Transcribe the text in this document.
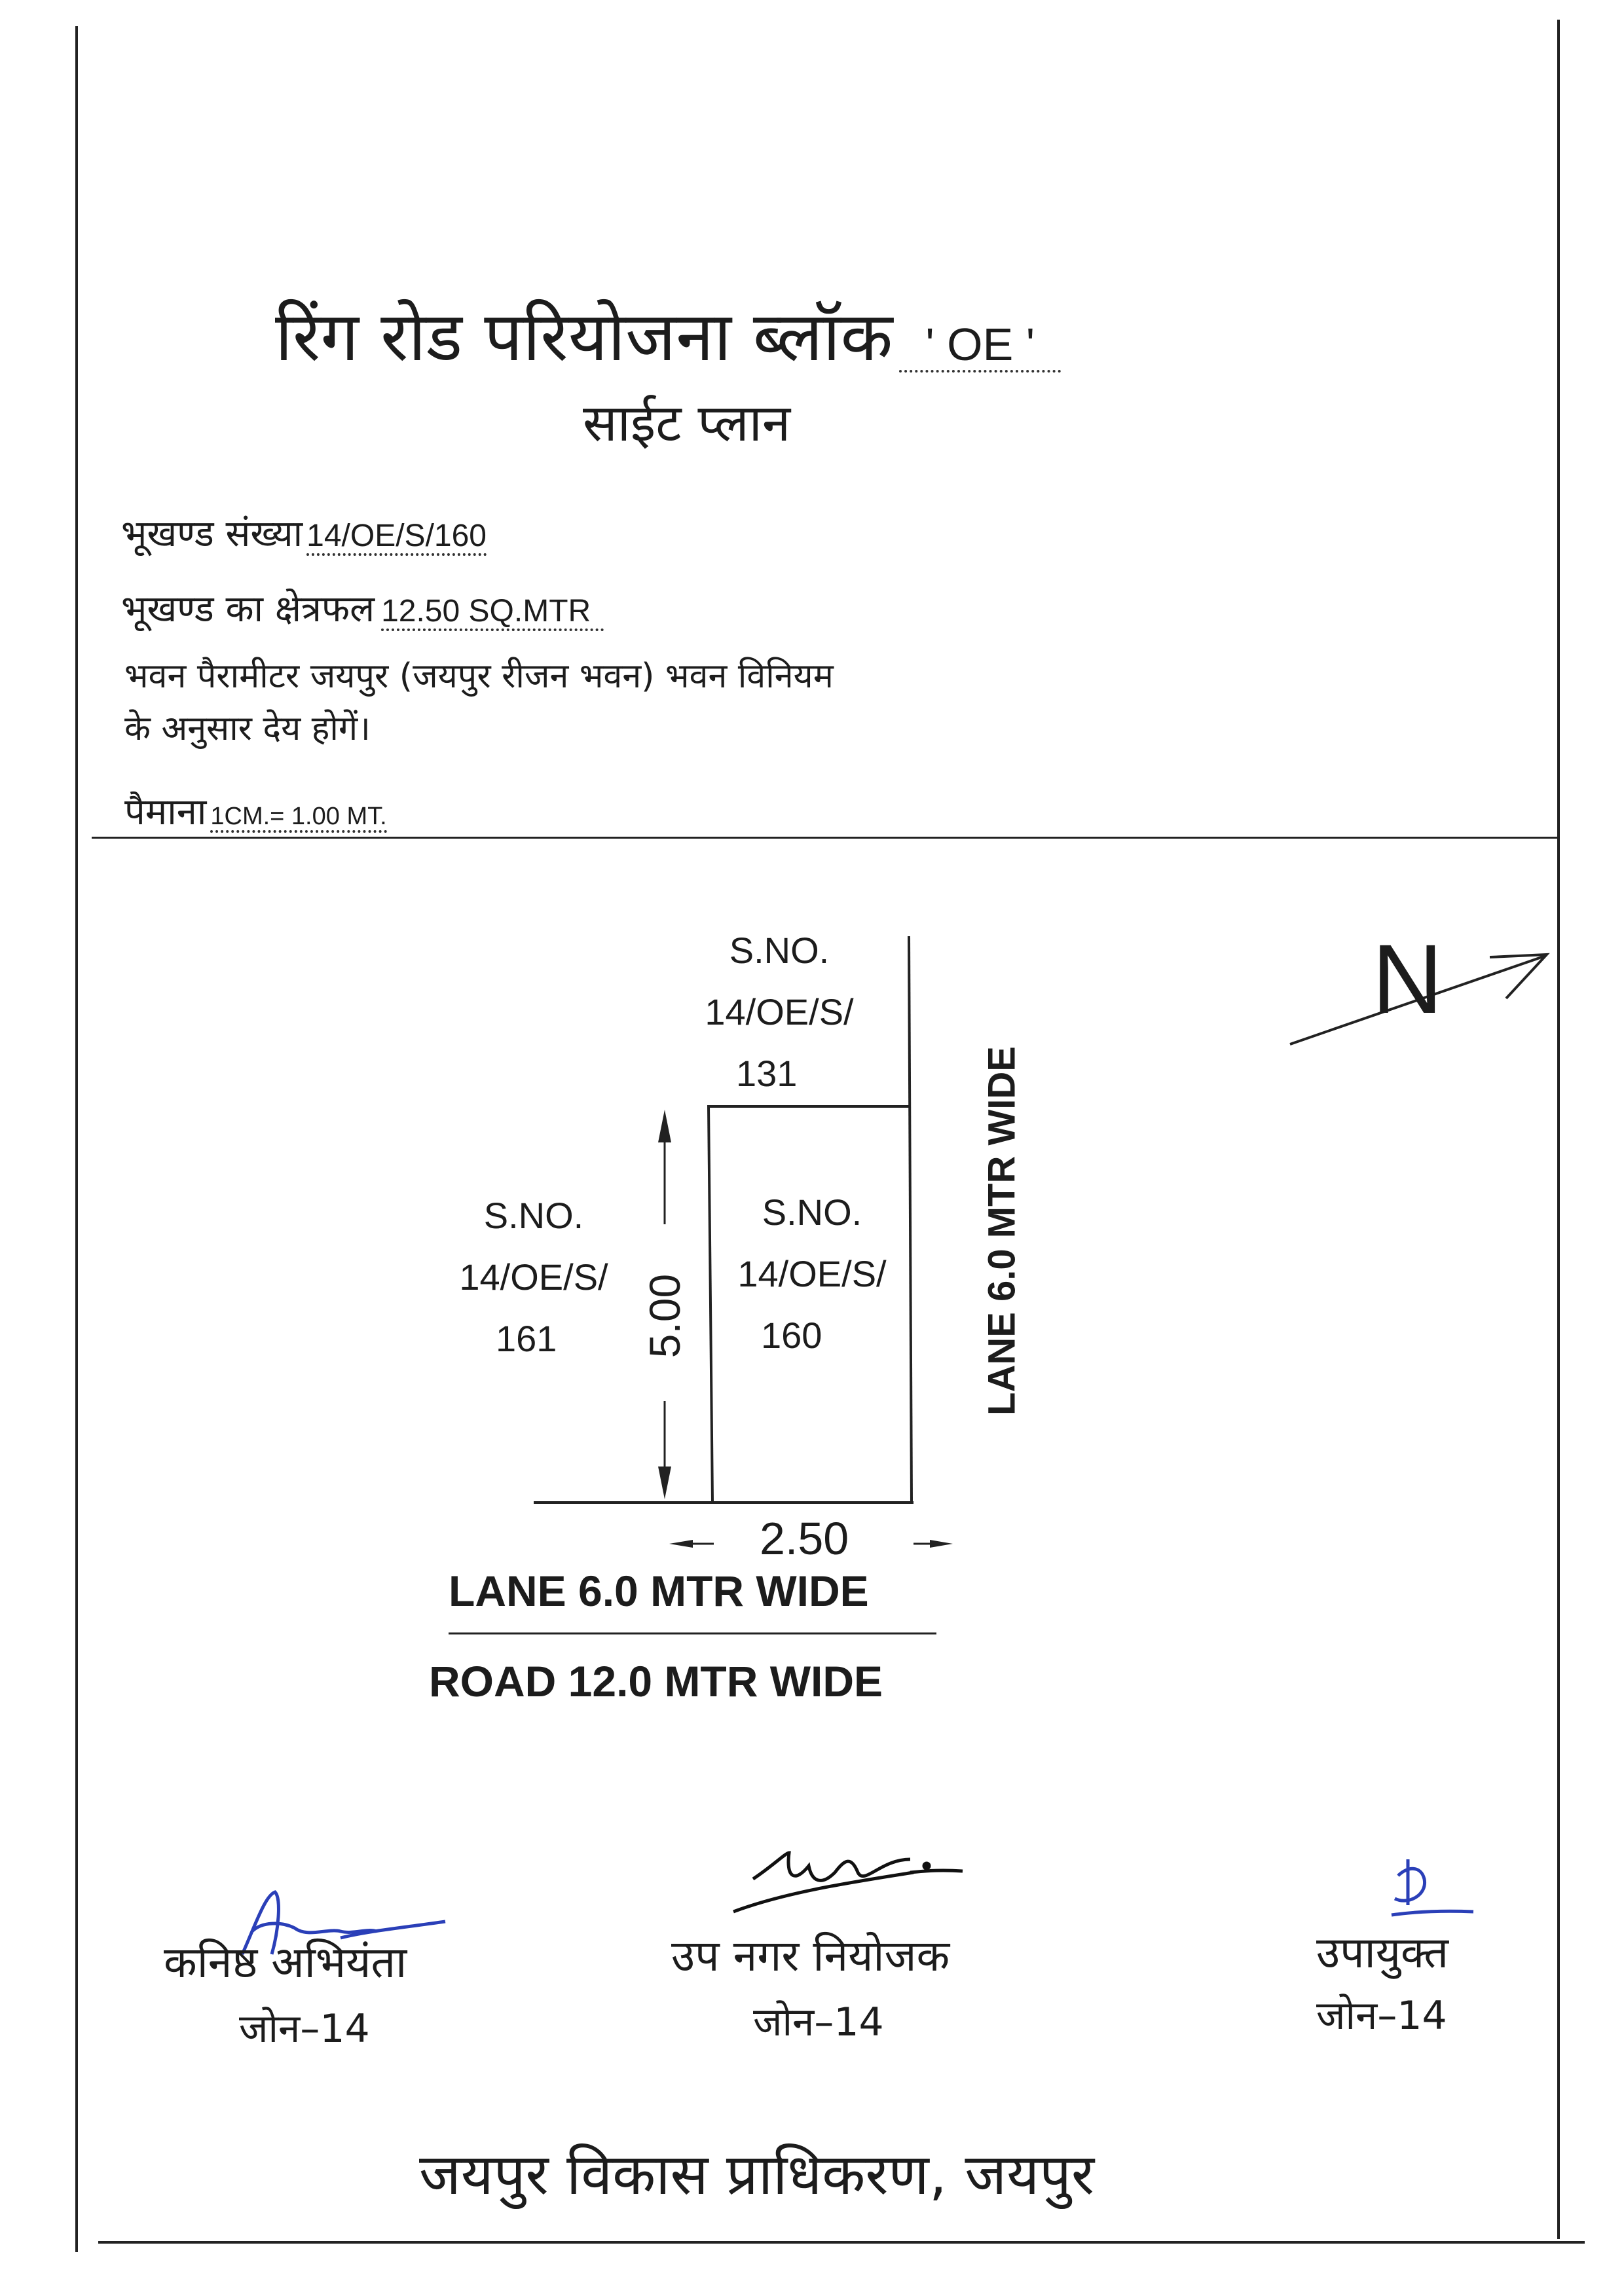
रिंग रोड परियोजना ब्लॉक ' OE '
साईट प्लान
भूखण्ड संख्या 14/OE/S/160
भूखण्ड का क्षेत्रफल 12.50 SQ.MTR
भवन पैरामीटर जयपुर (जयपुर रीजन भवन) भवन विनियम
के अनुसार देय होगें।
पैमाना 1CM.= 1.00 MT.
N
S.NO.
14/OE/S/
131
S.NO.
14/OE/S/
161
S.NO.
14/OE/S/
160
5.00
2.50
LANE 6.0 MTR WIDE
LANE 6.0 MTR WIDE
ROAD 12.0 MTR WIDE
कनिष्ठ अभियंता
जोन–14
उप नगर नियोजक
जोन–14
उपायुक्त
जोन–14
जयपुर विकास प्राधिकरण, जयपुर
